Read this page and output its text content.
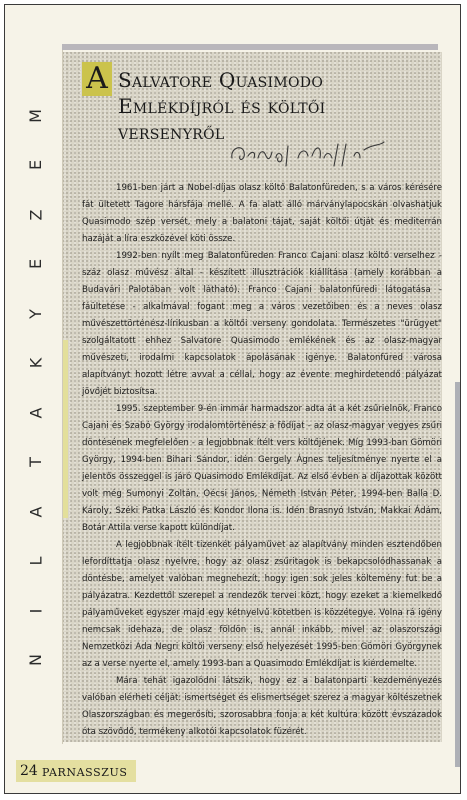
M
E
Z
E
Y
K
A
T
A
L
I
N
A Salvatore Quasimodo
Emlékdíjról és költői
versenyről

1961-ben járt a Nobel-díjas olasz költő Balatonfüreden, s a város kérésére fát ültetett Tagore hársfája mellé. A fa alatt álló márványlapocskán olvashatjuk Quasimodo szép versét, mely a balatoni tájat, saját költői útját és mediterrán hazáját a líra eszközével köti össze.

1992-ben nyílt meg Balatonfüreden Franco Cajani olasz költő verselhez - száz olasz művész által - készített illusztrációk kiállítása (amely korábban a Budavári Palotában volt látható). Franco Cajani balatonfüredi látogatása - fáültetése - alkalmával fogant meg a város vezetőiben és a neves olasz művészettörténész-lírikusban a költői verseny gondolata. Természetes "ürügyet" szolgáltatott ehhez Salvatore Quasimodo emlékének és az olasz-magyar művészeti, irodalmi kapcsolatok ápolásának igénye. Balatonfüred városa alapítványt hozott létre avval a céllal, hogy az évente meghirdetendő pályázat jövőjét biztosítsa.

1995. szeptember 9-én immár harmadszor adta át a két zsűrielnök, Franco Cajani és Szabó György irodalomtörténész a fődíjat - az olasz-magyar vegyes zsűri döntésének megfelelően - a legjobbnak ítélt vers költőjének. Míg 1993-ban Gömöri György, 1994-ben Bihari Sándor, idén Gergely Ágnes teljesítménye nyerte el a jelentős összeggel is járó Quasimodo Emlékdíjat. Az első évben a díjazottak között volt még Sumonyi Zoltán, Oécsi János, Németh István Péter, 1994-ben Balla D. Károly, Széki Patka László és Kondor Ilona is. Idén Brasnyó István, Makkai Ádám, Botár Attila verse kapott különdíjat.

A legjobbnak ítélt tizenkét pályaművet az alapítvány minden esztendőben lefordíttatja olasz nyelvre, hogy az olasz zsűritagok is bekapcsolódhassanak a döntésbe, amelyet valóban megnehezít, hogy igen sok jeles költemény fut be a pályázatra. Kezdettől szerepel a rendezők tervei közt, hogy ezeket a kiemelkedő pályaműveket egyszer majd egy kétnyelvű kötetben is közzétegye. Volna rá igény nemcsak idehaza, de olasz földön is, annál inkább, mivel az olaszországi Nemzetközi Ada Negri költői verseny első helyezését 1995-ben Gömöri Györgynek az a verse nyerte el, amely 1993-ban a Quasimodo Emlékdíjat is kiérdemelte.

Mára tehát igazolódni látszik, hogy ez a balatonparti kezdeményezés valóban elérheti célját: ismertséget és elismertséget szerez a magyar költészetnek Olaszországban és megerősíti, szorosabbra fonja a két kultúra között évszázadok óta szövődő, termékeny alkotói kapcsolatok füzérét.

24 PARNASSZUS
